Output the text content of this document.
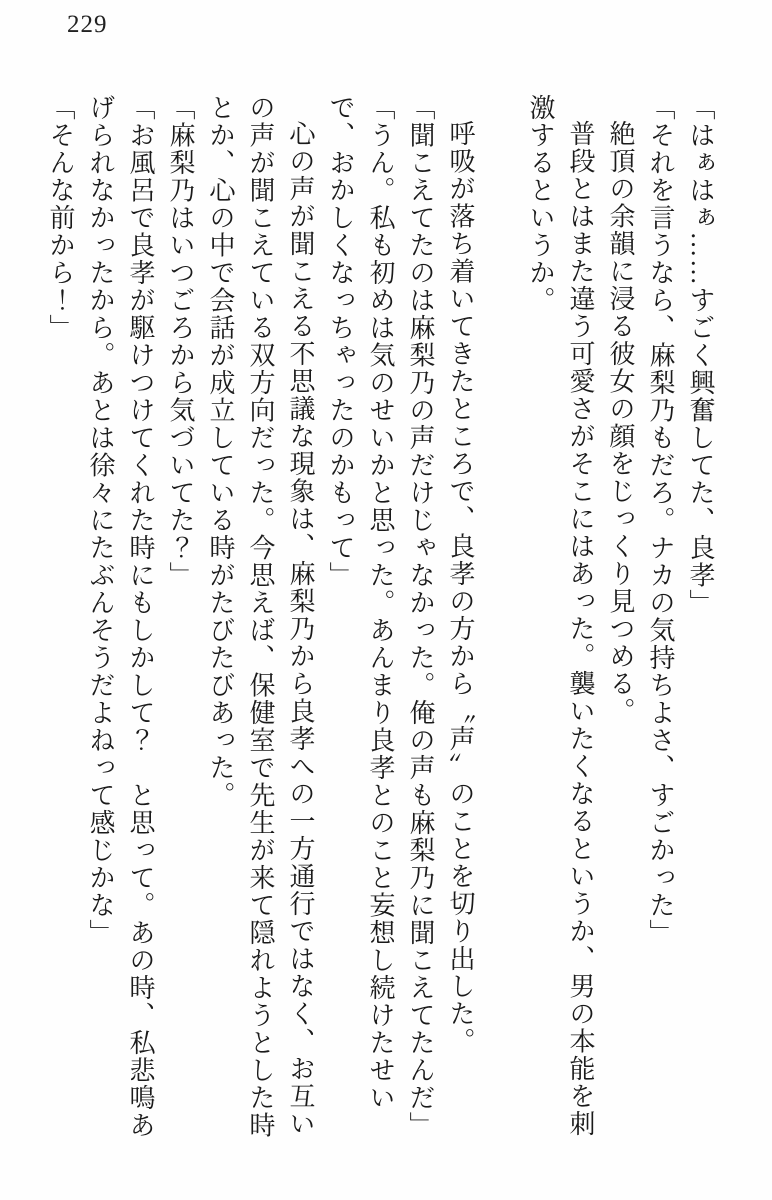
229

「はぁはぁ……すごく興奮してた、良孝」

「それを言うなら、麻梨乃もだろ。ナカの気持ちよさ、すごかった」

絶頂の余韻に浸る彼女の顔をじっくり見つめる。

普段とはまた違う可愛さがそこにはあった。襲いたくなるというか、男の本能を刺激するというか。

呼吸が落ち着いてきたところで、良孝の方から〝声〟のことを切り出した。

「聞こえてたのは麻梨乃の声だけじゃなかった。俺の声も麻梨乃に聞こえてたんだ」

「うん。私も初めは気のせいかと思った。あんまり良孝とのこと妄想し続けたせいで、おかしくなっちゃったのかもって」

心の声が聞こえる不思議な現象は、麻梨乃から良孝への一方通行ではなく、お互いの声が聞こえている双方向だった。今思えば、保健室で先生が来て隠れようとした時とか、心の中で会話が成立している時がたびたびあった。

「麻梨乃はいつごろから気づいてた？」

「お風呂で良孝が駆けつけてくれた時にもしかして？　と思って。あの時、私悲鳴あげられなかったから。あとは徐々にたぶんそうだよねって感じかな」

「そんな前から！」
